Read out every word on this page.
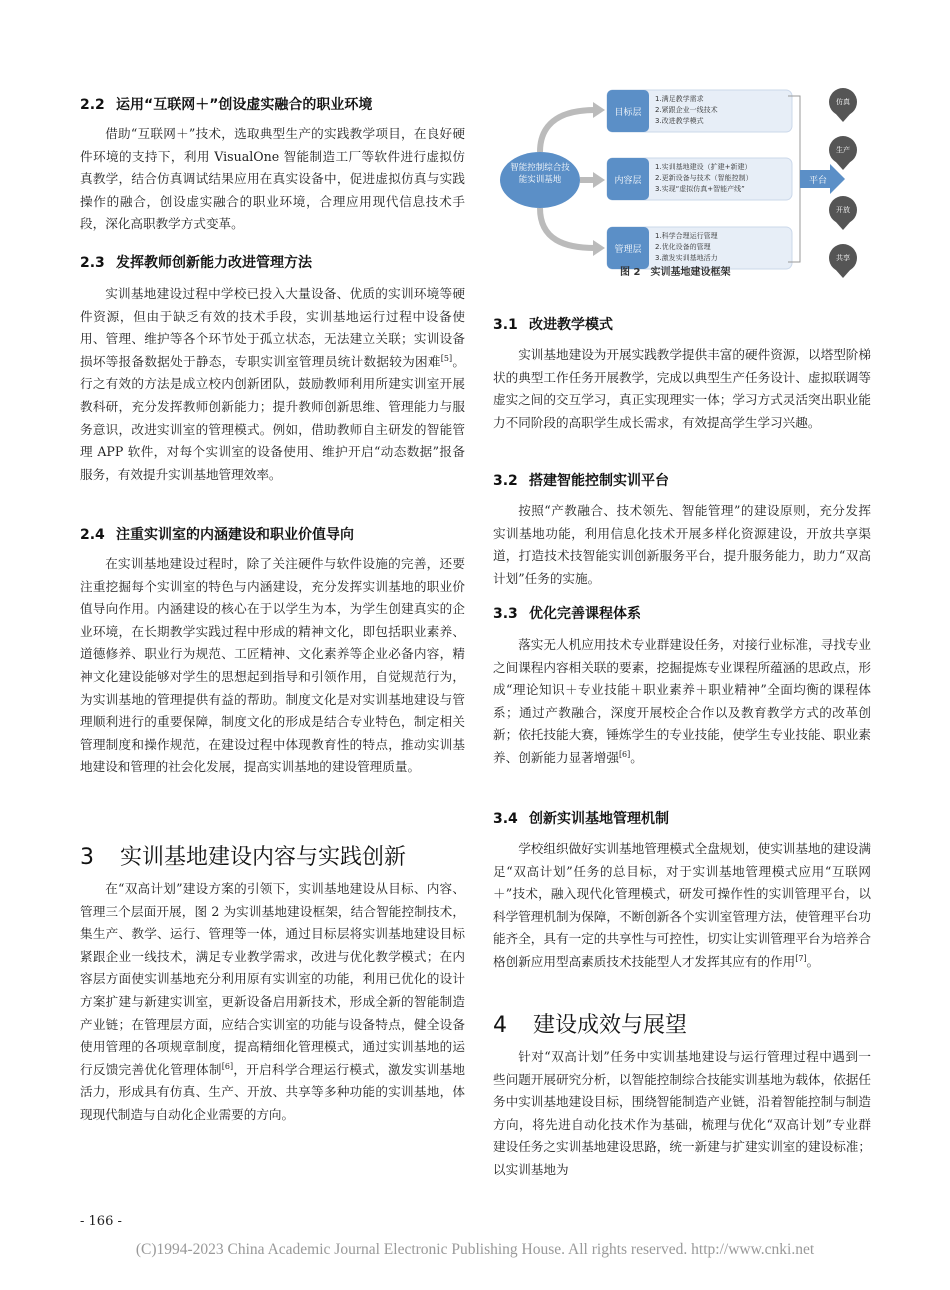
2.2 运用“互联网＋”创设虚实融合的职业环境
借助“互联网＋”技术，选取典型生产的实践教学项目，在良好硬件环境的支持下，利用 VisualOne 智能制造工厂等软件进行虚拟仿真教学，结合仿真调试结果应用在真实设备中，促进虚拟仿真与实践操作的融合，创设虚实融合的职业环境，合理应用现代信息技术手段，深化高职教学方式变革。
2.3 发挥教师创新能力改进管理方法
实训基地建设过程中学校已投入大量设备、优质的实训环境等硬件资源，但由于缺乏有效的技术手段，实训基地运行过程中设备使用、管理、维护等各个环节处于孤立状态，无法建立关联；实训设备损坏等报备数据处于静态，专职实训室管理员统计数据较为困难[5]。行之有效的方法是成立校内创新团队，鼓励教师利用所建实训室开展教科研，充分发挥教师创新能力；提升教师创新思维、管理能力与服务意识，改进实训室的管理模式。例如，借助教师自主研发的智能管理 APP 软件，对每个实训室的设备使用、维护开启“动态数据”报备服务，有效提升实训基地管理效率。
2.4 注重实训室的内涵建设和职业价值导向
在实训基地建设过程时，除了关注硬件与软件设施的完善，还要注重挖掘每个实训室的特色与内涵建设，充分发挥实训基地的职业价值导向作用。内涵建设的核心在于以学生为本，为学生创建真实的企业环境，在长期教学实践过程中形成的精神文化，即包括职业素养、道德修养、职业行为规范、工匠精神、文化素养等企业必备内容，精神文化建设能够对学生的思想起到指导和引领作用，自觉规范行为，为实训基地的管理提供有益的帮助。制度文化是对实训基地建设与管理顺利进行的重要保障，制度文化的形成是结合专业特色，制定相关管理制度和操作规范，在建设过程中体现教育性的特点，推动实训基地建设和管理的社会化发展，提高实训基地的建设管理质量。
3 实训基地建设内容与实践创新
在“双高计划”建设方案的引领下，实训基地建设从目标、内容、管理三个层面开展，图 2 为实训基地建设框架，结合智能控制技术，集生产、教学、运行、管理等一体，通过目标层将实训基地建设目标紧跟企业一线技术，满足专业教学需求，改进与优化教学模式；在内容层方面使实训基地充分利用原有实训室的功能，利用已优化的设计方案扩建与新建实训室，更新设备启用新技术，形成全新的智能制造产业链；在管理层方面，应结合实训室的功能与设备特点，健全设备使用管理的各项规章制度，提高精细化管理模式，通过实训基地的运行反馈完善优化管理体制[6]，开启科学合理运行模式，激发实训基地活力，形成具有仿真、生产、开放、共享等多种功能的实训基地，体现现代制造与自动化企业需要的方向。
智能控制综合技能实训基地
目标层
内容层
管理层
1.满足教学需求
2.紧跟企业一线技术
3.改进教学模式
1.实训基地建设（扩建+新建）
2.更新设备与技术（智能控制）
3.实现“虚拟仿真+智能产线”
1.科学合理运行管理
2.优化设备的管理
3.激发实训基地活力
平台
仿真
生产
开放
共享
图 2 实训基地建设框架
3.1 改进教学模式
实训基地建设为开展实践教学提供丰富的硬件资源，以塔型阶梯状的典型工作任务开展教学，完成以典型生产任务设计、虚拟联调等虚实之间的交互学习，真正实现理实一体；学习方式灵活突出职业能力不同阶段的高职学生成长需求，有效提高学生学习兴趣。
3.2 搭建智能控制实训平台
按照“产教融合、技术领先、智能管理”的建设原则，充分发挥实训基地功能，利用信息化技术开展多样化资源建设，开放共享渠道，打造技术技智能实训创新服务平台，提升服务能力，助力“双高计划”任务的实施。
3.3 优化完善课程体系
落实无人机应用技术专业群建设任务，对接行业标准，寻找专业之间课程内容相关联的要素，挖掘提炼专业课程所蕴涵的思政点，形成“理论知识＋专业技能＋职业素养＋职业精神”全面均衡的课程体系；通过产教融合，深度开展校企合作以及教育教学方式的改革创新；依托技能大赛，锤炼学生的专业技能，使学生专业技能、职业素养、创新能力显著增强[6]。
3.4 创新实训基地管理机制
学校组织做好实训基地管理模式全盘规划，使实训基地的建设满足“双高计划”任务的总目标，对于实训基地管理模式应用“互联网＋”技术，融入现代化管理模式，研发可操作性的实训管理平台，以科学管理机制为保障，不断创新各个实训室管理方法，使管理平台功能齐全，具有一定的共享性与可控性，切实让实训管理平台为培养合格创新应用型高素质技术技能型人才发挥其应有的作用[7]。
4 建设成效与展望
针对“双高计划”任务中实训基地建设与运行管理过程中遇到一些问题开展研究分析，以智能控制综合技能实训基地为载体，依据任务中实训基地建设目标，围绕智能制造产业链，沿着智能控制与制造方向，将先进自动化技术作为基础，梳理与优化“双高计划”专业群建设任务之实训基地建设思路，统一新建与扩建实训室的建设标准；以实训基地为
- 166 -
(C)1994-2023 China Academic Journal Electronic Publishing House. All rights reserved. http://www.cnki.net
